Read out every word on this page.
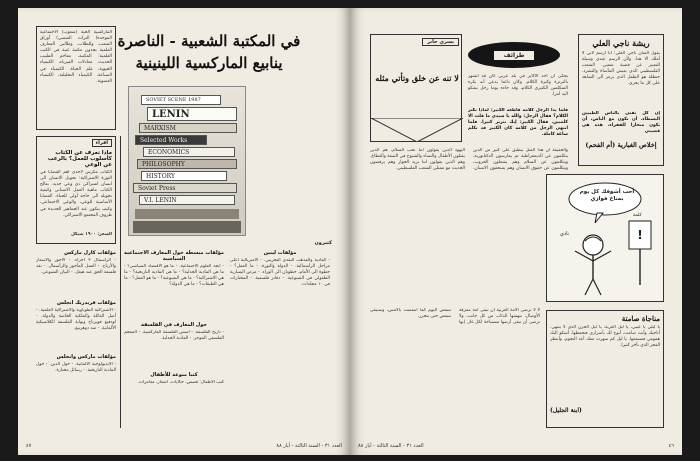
في المكتبة الشعبية - الناصرة
ينابيع الماركسية اللينينية
الماركسية الحية (شعوب) الاجتماعية الموحدة) التراث الشعبي) أوراق الشعب، وللطلاب، وطالبي المعارف العلمية يجدون مكتبة غنية في الكتب العلمية: المكتبة، معاجم الطبيب الحديث، معادلات الفيزياء، الكيمياء الحيوية، علم الحياة، الكيمياء في الصناعة، الكيمياء التحليلية، الكيمياء العضوية.
SOVIET SCENE 1987
LENIN
MARXISM
Selected Works
ECONOMICS
PHILOSOPHY
HISTORY
Soviet Press
V.I. LENIN
اقراء
ماذا تعرف عن الكتاب كأسلوب للعمل؟ بالرعب عن الوعي
الكتاب مكرس لاحدى أهم القضايا في الثورة الاشتراكية: تحويل الانسان الى انسان اشتراكي ذي وعي جديد. يعالج الكتاب ماهية العمل الانساني وكيفية تحويله الى حاجة أولى للحياة. القضايا الأساسية للوعي، والوعي الاجتماعي، وكيف يتكون عند الجماهير الجديدة في ظروف المجتمع الاشتراكي.
السعر: ١٩٠٠ شيكل
مؤلفات كارل ماركس
- الرأسمال ٣ أجزاء. - الأجور والأسعار والأرباح. - العمل المأجور والرأسمال. - نقد فلسفة الحق عند هيغل. - البيان الشيوعي.
مؤلفات فريدريك انجلس
- الاشتراكية الطوباوية والاشتراكية العلمية. - أصل العائلة والملكية الخاصة والدولة. - لودفيغ فويرباخ ونهاية الفلسفة الكلاسيكية الألمانية. - ضد دوهرينغ.
مؤلفات ماركس وانجلس
- الأيديولوجية الألمانية. - حول الدين. - حول المادية التاريخية. - رسائل مختارة.
كثيرون
مؤلفات مبسطة حول المعارف الاجتماعية السياسية
- أبجد العلوم الاجتماعية. - ما هو الاقتصاد السياسي؟ - ما هي المادية الجدلية؟ - ما هي المادية التاريخية؟ - ما هي الاشتراكية؟ - ما هي الشيوعية؟ - ما هو العمل؟ - ما هي الطبقات؟ - ما هي الدولة؟
حول المعارف في الفلسفة
- تاريخ الفلسفة. - أسس الفلسفة الماركسية. - المعجم الفلسفي الموجز. - المادية الجدلية.
كتبا منوعة للأطفال
كتب الأطفال: قصص، حكايات، أشعار، مغامرات.
مؤلفات لينين
- المادية والمذهب النقدي التجريبي. - الامبريالية أعلى مراحل الرأسمالية. - الدولة والثورة. - ما العمل؟ - خطوة الى الأمام، خطوتان الى الوراء. - مرض اليسارية الطفولي في الشيوعية. - دفاتر فلسفية. - المختارات في ١٠ مجلدات.
العدد ٣١ - السنة الثالثة - أيار ٨٨
٤٧
ريشة ناجي العلي
يقول الفنان ناجي العلي: أنا أرسم لأني لا أملك الا هذا، ولأن الرسم عندي وسيلة للتعبير عن قضية شعبي. الشعب الفلسطيني الذي يعيش المأساة والتشرد. حنظلة هو الطفل الذي يرمز الى الشاهد على كل ما يجري.
إن كل ثقتي بالناس الطيبين البسطاء. أن تكون مع الناس، أن تكون منحازا للفقراء، هذه هي قضيتي
إخلاص الغبارية (أم الفحم)
طرائف
يسري جابر
لا تنه عن خلق وتأتي مثله يحكى أن أحد الأكابر في بلد عربي كان قد اشتهر بالثرثرة وكثرة الكلام، وكان دائما يدعي أنه يكره المتكلمين الكثيري الكلام، وقد جاءه يوما رجل يشكو اليه أمرا.
فلما بدأ الرجل كلامه قاطعه الكبير: لماذا تكثر الكلام؟ فقال الرجل: والله يا سيدي ما قلت الا كلمتين. فقال الكبير: إنك تثرثر كثيرا. فلما انتهى الرجل من كلامه كان الكبير قد تكلم ساعة كاملة.
والحقيقة أن هذا المثل ينطبق على كثير من الذين يتكلمون عن الديمقراطية ثم يمارسون الدكتاتورية، ويتكلمون عن السلام وهم يشعلون الحروب، ويتكلمون عن حقوق الانسان وهم يسحقون الانسان. اليهود الذين يقولون اننا نحب السلام، هم الذين يقتلون الأطفال والنساء والشيوخ في الضفة والقطاع. وهم الذين يقولون اننا نريد الحوار وهم يرفضون الحديث مع ممثلي الشعب الفلسطيني.
!
نادي
أحب أشوفك كل يوم بمناخ فوازي
كلمة
لا لا ترضى الأمة العربية أن تبقى أمة ممزقة الأوصال، تنهشها الذئاب من كل جانب، ولا ترضى أن تبقى أرضها مستباحة لكل غاز. إنها تنتفض اليوم كما انتفضت بالأمس، وستبقى تنتفض حتى تتحرر.	مناجاة صامتة
يا ليلي يا عيني، يا ليل الغربة، يا ليل الحزن الذي لا ينتهي. أناجيك وأنت صامت، أبوح لك بأسراري فتحفظها، أشكو اليك همومي فتسمعها. يا ليل كم سهرت معك أعد النجوم، وأنتظر الفجر الذي تأخر كثيرا.
(ابنة الجليل)
٤٦
العدد ٣١ - السنة الثالثة - أيار ٨٨
